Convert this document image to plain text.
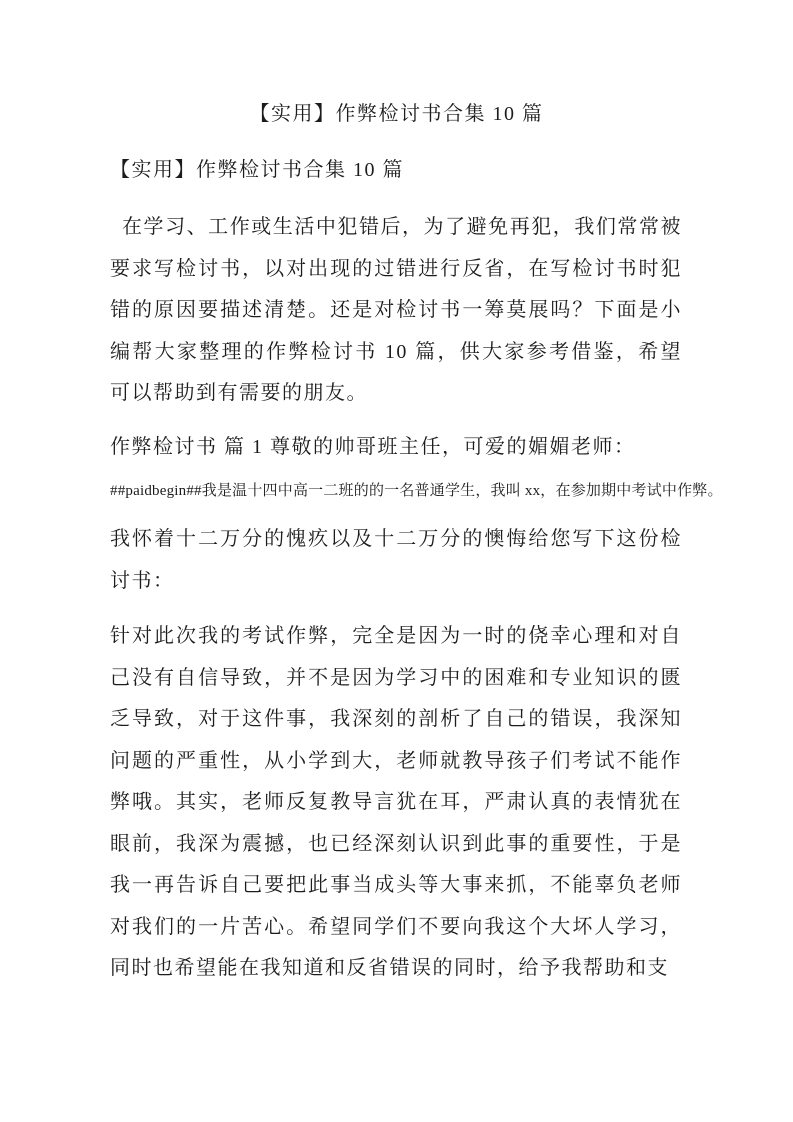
【实用】作弊检讨书合集 10 篇
【实用】作弊检讨书合集 10 篇
在学习、工作或生活中犯错后，为了避免再犯，我们常常被要求写检讨书，以对出现的过错进行反省，在写检讨书时犯错的原因要描述清楚。还是对检讨书一筹莫展吗？下面是小编帮大家整理的作弊检讨书 10 篇，供大家参考借鉴，希望可以帮助到有需要的朋友。
作弊检讨书 篇 1 尊敬的帅哥班主任，可爱的媚媚老师：
##paidbegin##我是温十四中高一二班的的一名普通学生，我叫 xx，在参加期中考试中作弊。
我怀着十二万分的愧疚以及十二万分的懊悔给您写下这份检讨书：
针对此次我的考试作弊，完全是因为一时的侥幸心理和对自己没有自信导致，并不是因为学习中的困难和专业知识的匮乏导致，对于这件事，我深刻的剖析了自己的错误，我深知问题的严重性，从小学到大，老师就教导孩子们考试不能作弊哦。其实，老师反复教导言犹在耳，严肃认真的表情犹在眼前，我深为震撼，也已经深刻认识到此事的重要性，于是我一再告诉自己要把此事当成头等大事来抓，不能辜负老师对我们的一片苦心。希望同学们不要向我这个大坏人学习，同时也希望能在我知道和反省错误的同时，给予我帮助和支
